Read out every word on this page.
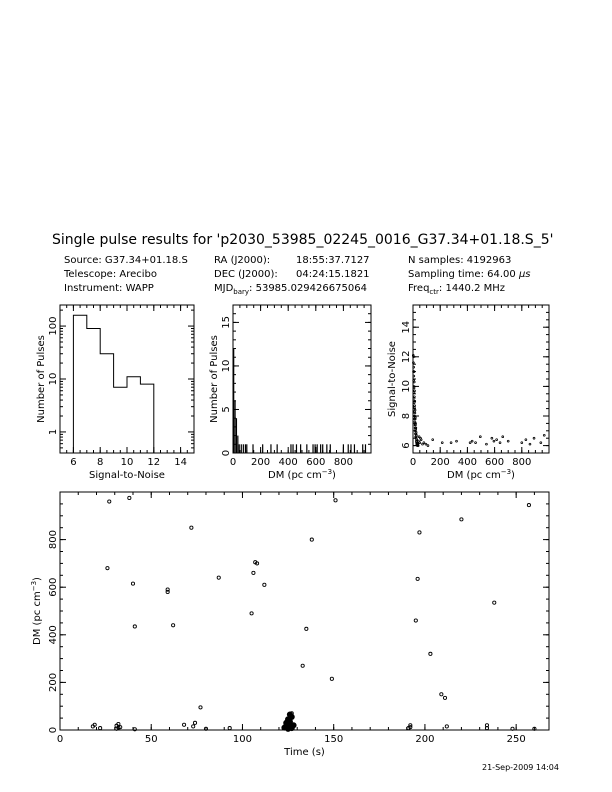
Single pulse results for 'p2030_53985_02245_0016_G37.34+01.18.S_5'
Source: G37.34+01.18.S
Telescope: Arecibo
Instrument: WAPP
RA (J2000):	18:55:37.7127
DEC (J2000): 04:24:15.1821
$MJD_{bary}$: 53985.029426675064
N samples: 4192963
Sampling time: 64.00 μs
Freq$_{ctr}$: 1440.2 MHz
6 8 10 12 14
1
10
100
Signal-to-Noise
Number of Pulses
0 200 400 600 800
0
5
10
15
DM (pc $cm^{-3}$)
Number of Pulses
0 200 400 600 800
6
8
10
12
14
DM (pc $cm^{-3}$)
Signal-to-Noise
0	50	100	150	200	250
0
200
400
600
800
Time (s)
DM (pc $cm^{-3}$)
21-Sep-2009 14:04
